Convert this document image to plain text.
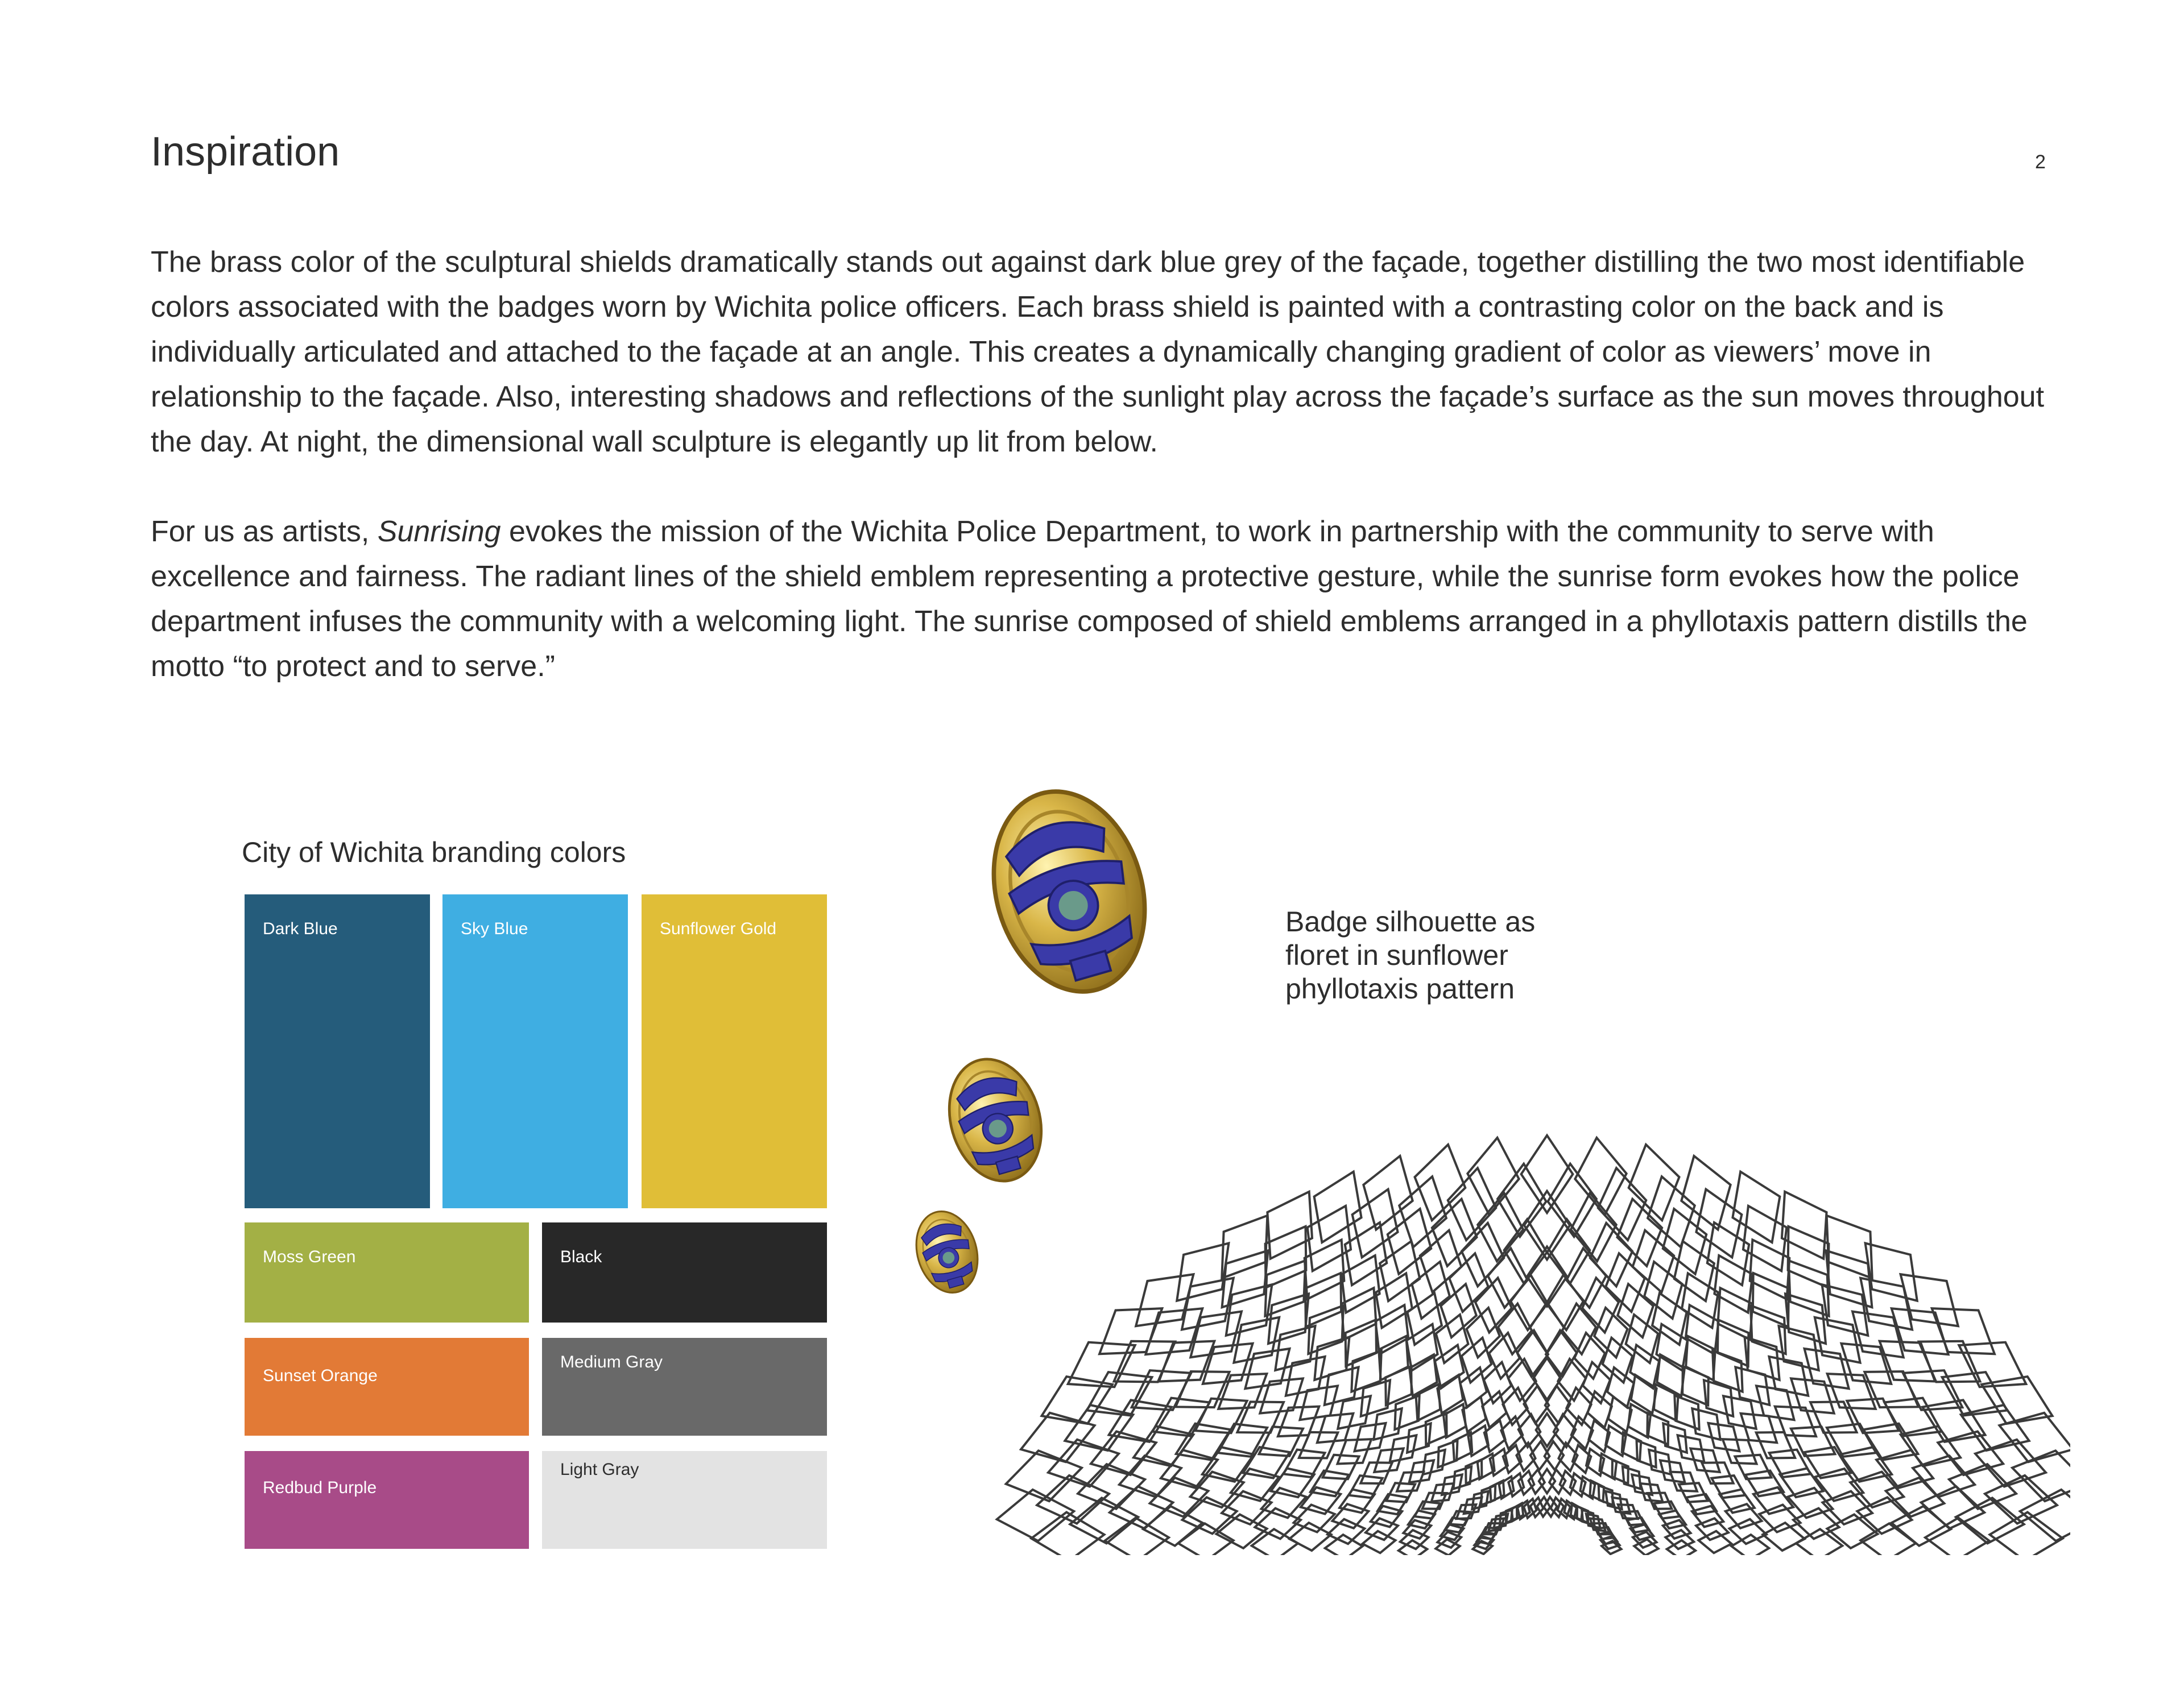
Inspiration	2

The brass color of the sculptural shields dramatically stands out against dark blue grey of the façade, together distilling the two most identifiable colors associated with the badges worn by Wichita police officers. Each brass shield is painted with a contrasting color on the back and is individually articulated and attached to the façade at an angle. This creates a dynamically changing gradient of color as viewers’ move in relationship to the façade. Also, interesting shadows and reflections of the sunlight play across the façade’s surface as the sun moves throughout the day. At night, the dimensional wall sculpture is elegantly up lit from below.

For us as artists, Sunrising evokes the mission of the Wichita Police Department, to work in partnership with the community to serve with excellence and fairness. The radiant lines of the shield emblem representing a protective gesture, while the sunrise form evokes how the police department infuses the community with a welcoming light. The sunrise composed of shield emblems arranged in a phyllotaxis pattern distills the motto “to protect and to serve.”

City of Wichita branding colors
Dark Blue	Sky Blue	Sunflower Gold
Moss Green	Black
Sunset Orange
Medium Gray
Redbud Purple
Light Gray

Badge silhouette as floret in sunflower phyllotaxis pattern
